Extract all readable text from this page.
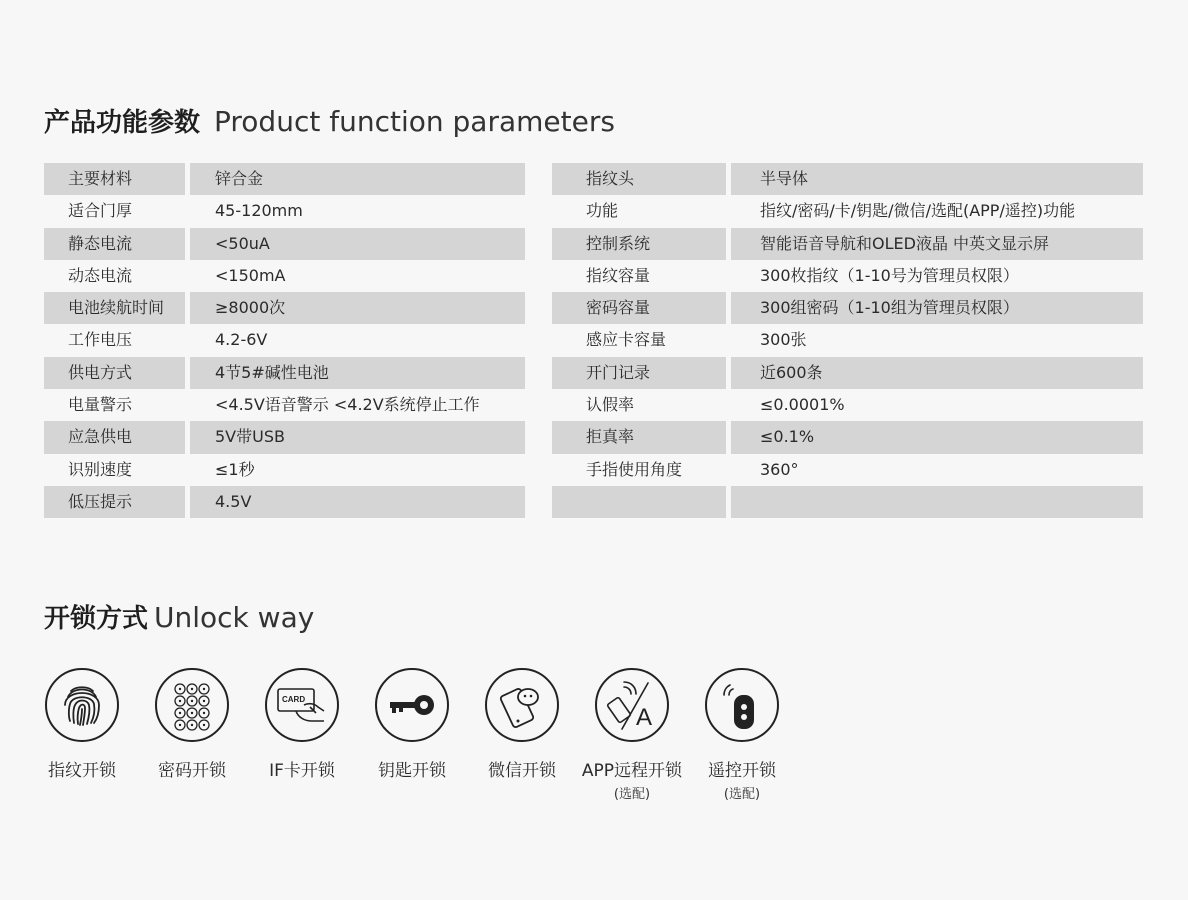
产品功能参数 Product function parameters
主要材料	锌合金
适合门厚	45-120mm
静态电流	<50uA
动态电流	<150mA
电池续航时间	≥8000次
工作电压	4.2-6V
供电方式	4节5#碱性电池
电量警示	<4.5V语音警示 <4.2V系统停止工作
应急供电	5V带USB
识别速度	≤1秒
低压提示	4.5V
指纹头	半导体
功能	指纹/密码/卡/钥匙/微信/选配(APP/遥控)功能
控制系统	智能语音导航和OLED液晶 中英文显示屏
指纹容量	300枚指纹（1-10号为管理员权限）
密码容量	300组密码（1-10组为管理员权限）
感应卡容量	300张
开门记录	近600条
认假率	≤0.0001%
拒真率	≤0.1%
手指使用角度	360°
开锁方式 Unlock way
指纹开锁 密码开锁
CARD
IF卡开锁	钥匙开锁 微信开锁
A
APP远程开锁
(选配)
遥控开锁
(选配)
